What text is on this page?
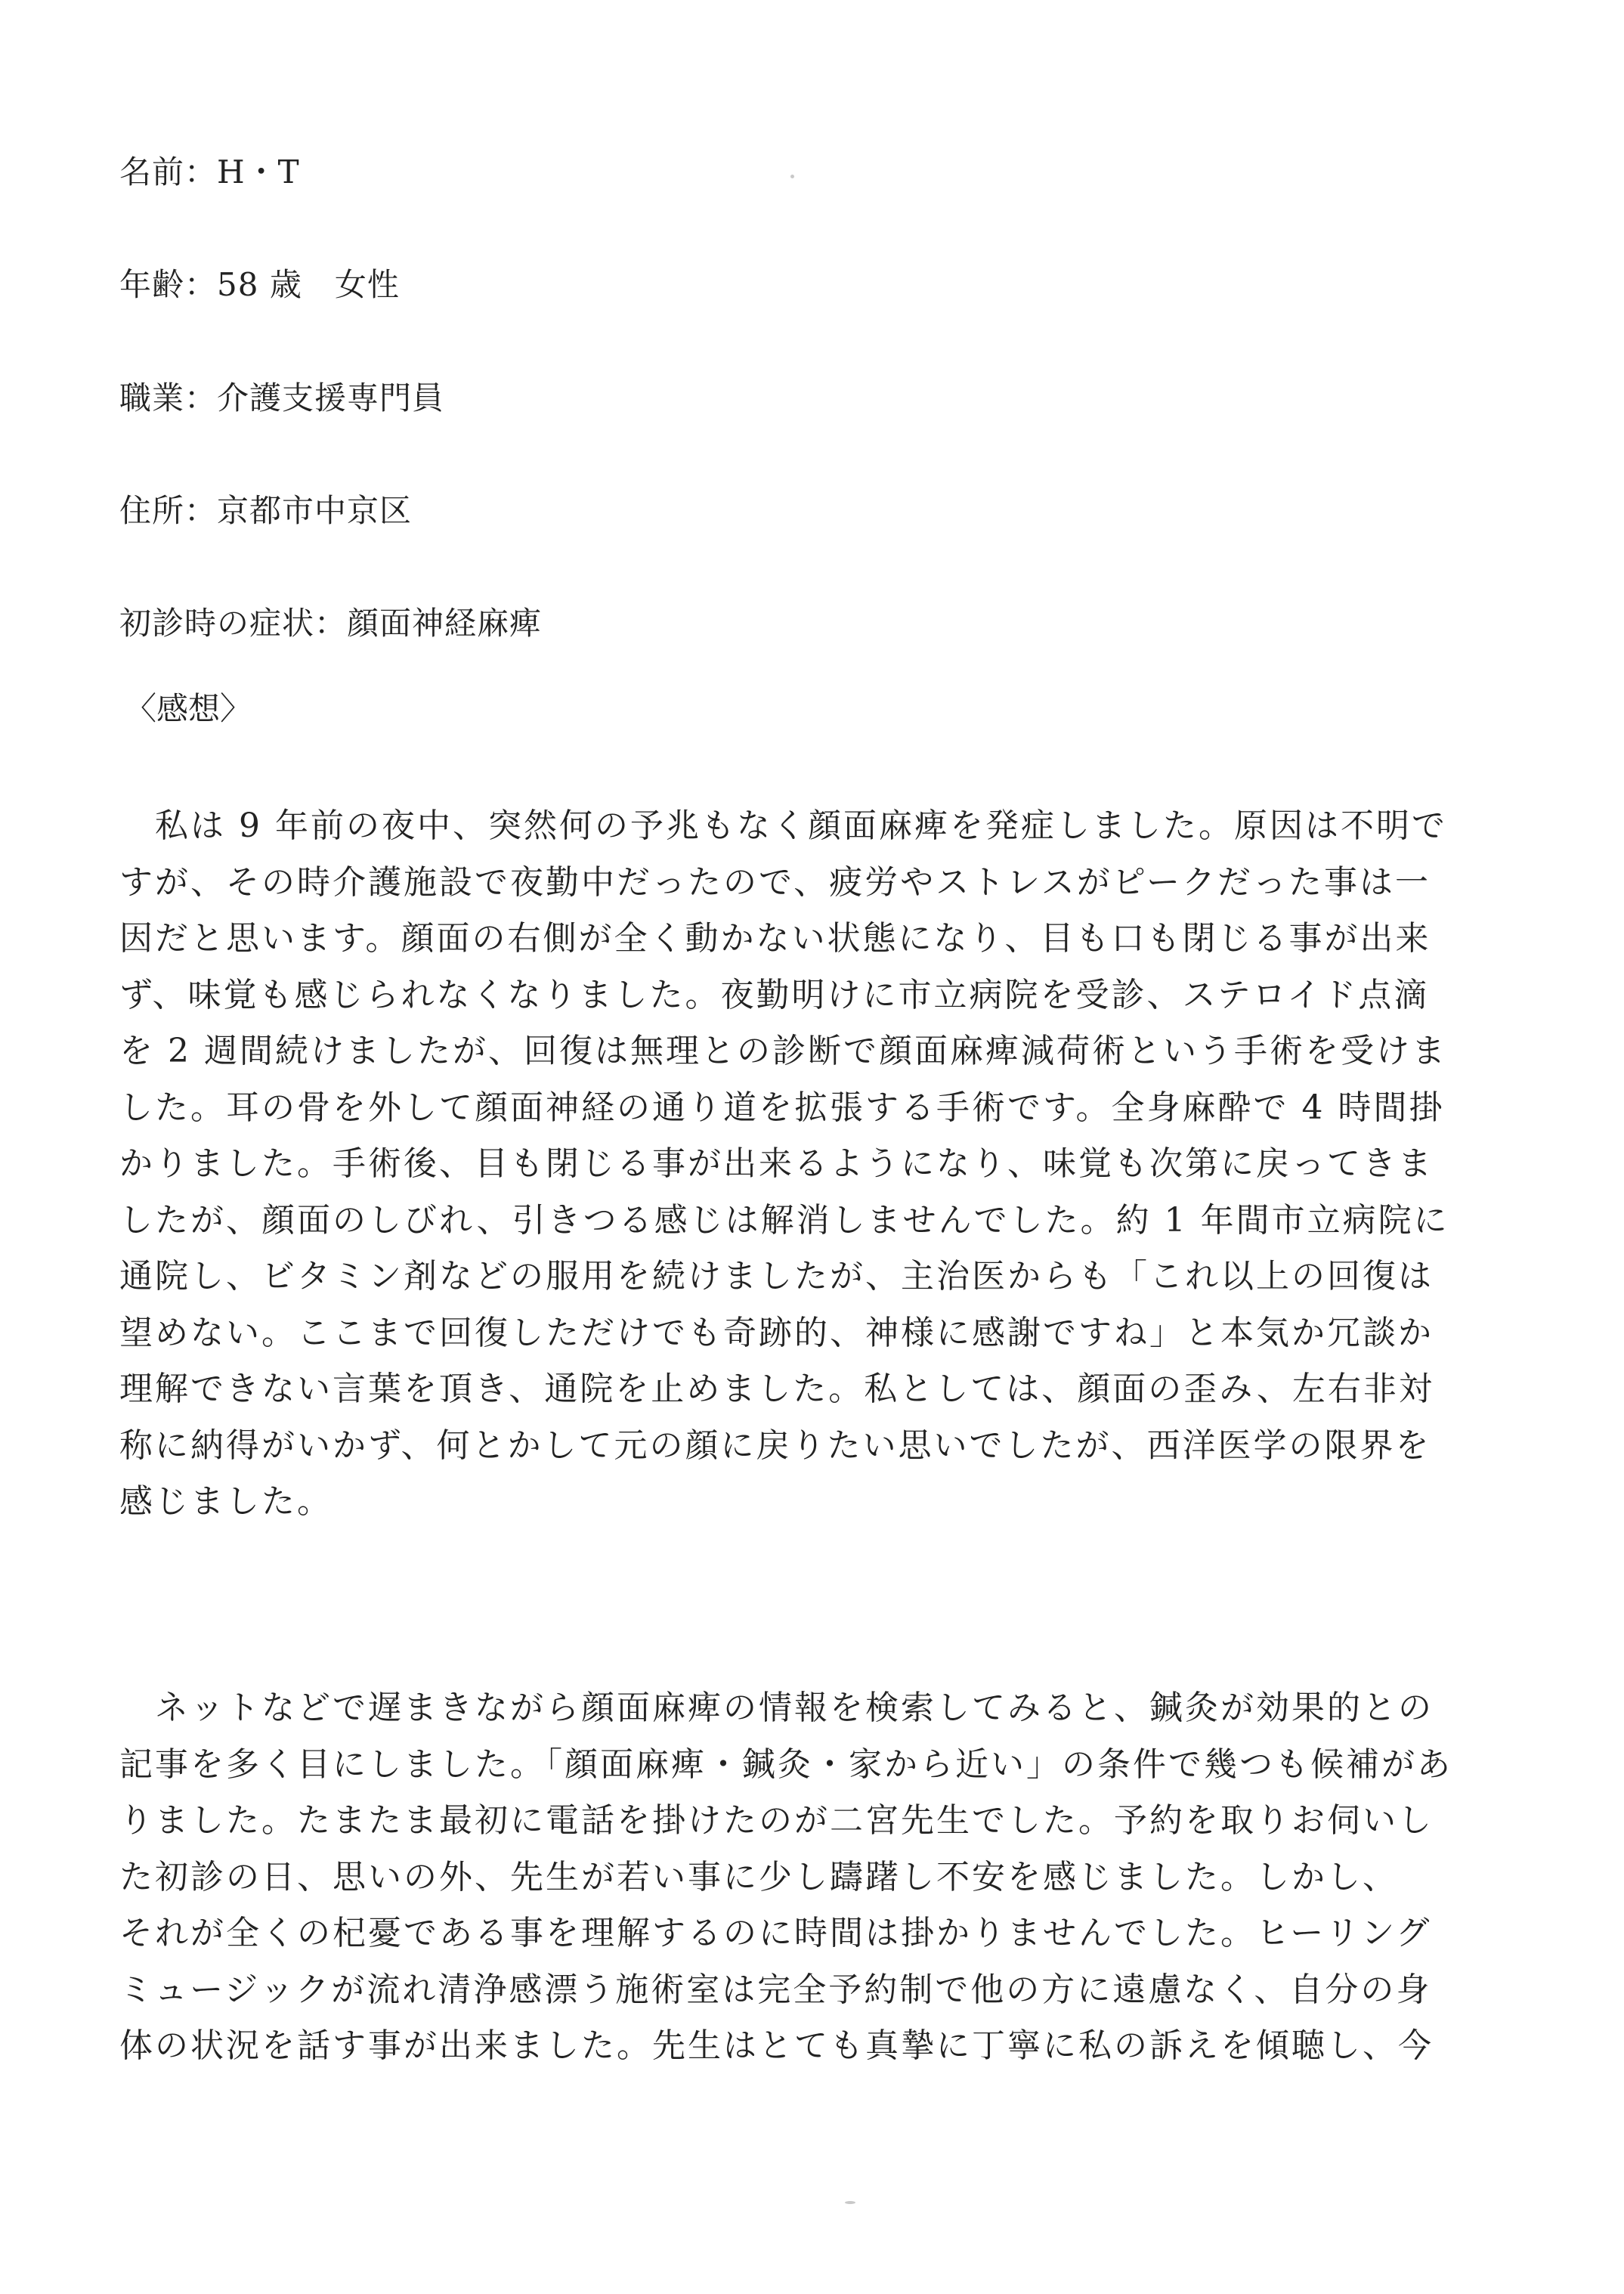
名前：H・T
年齢：58 歳　女性
職業：介護支援専門員
住所：京都市中京区
初診時の症状：顔面神経麻痺
〈感想〉
　私は 9 年前の夜中、突然何の予兆もなく顔面麻痺を発症しました。原因は不明で
すが、その時介護施設で夜勤中だったので、疲労やストレスがピークだった事は一
因だと思います。顔面の右側が全く動かない状態になり、目も口も閉じる事が出来
ず、味覚も感じられなくなりました。夜勤明けに市立病院を受診、ステロイド点滴
を 2 週間続けましたが、回復は無理との診断で顔面麻痺減荷術という手術を受けま
した。耳の骨を外して顔面神経の通り道を拡張する手術です。全身麻酔で 4 時間掛
かりました。手術後、目も閉じる事が出来るようになり、味覚も次第に戻ってきま
したが、顔面のしびれ、引きつる感じは解消しませんでした。約 1 年間市立病院に
通院し、ビタミン剤などの服用を続けましたが、主治医からも「これ以上の回復は
望めない。ここまで回復しただけでも奇跡的、神様に感謝ですね」と本気か冗談か
理解できない言葉を頂き、通院を止めました。私としては、顔面の歪み、左右非対
称に納得がいかず、何とかして元の顔に戻りたい思いでしたが、西洋医学の限界を
感じました。
　ネットなどで遅まきながら顔面麻痺の情報を検索してみると、鍼灸が効果的との
記事を多く目にしました。「顔面麻痺・鍼灸・家から近い」の条件で幾つも候補があ
りました。たまたま最初に電話を掛けたのが二宮先生でした。予約を取りお伺いし
た初診の日、思いの外、先生が若い事に少し躊躇し不安を感じました。しかし、
それが全くの杞憂である事を理解するのに時間は掛かりませんでした。ヒーリング
ミュージックが流れ清浄感漂う施術室は完全予約制で他の方に遠慮なく、自分の身
体の状況を話す事が出来ました。先生はとても真摯に丁寧に私の訴えを傾聴し、今
